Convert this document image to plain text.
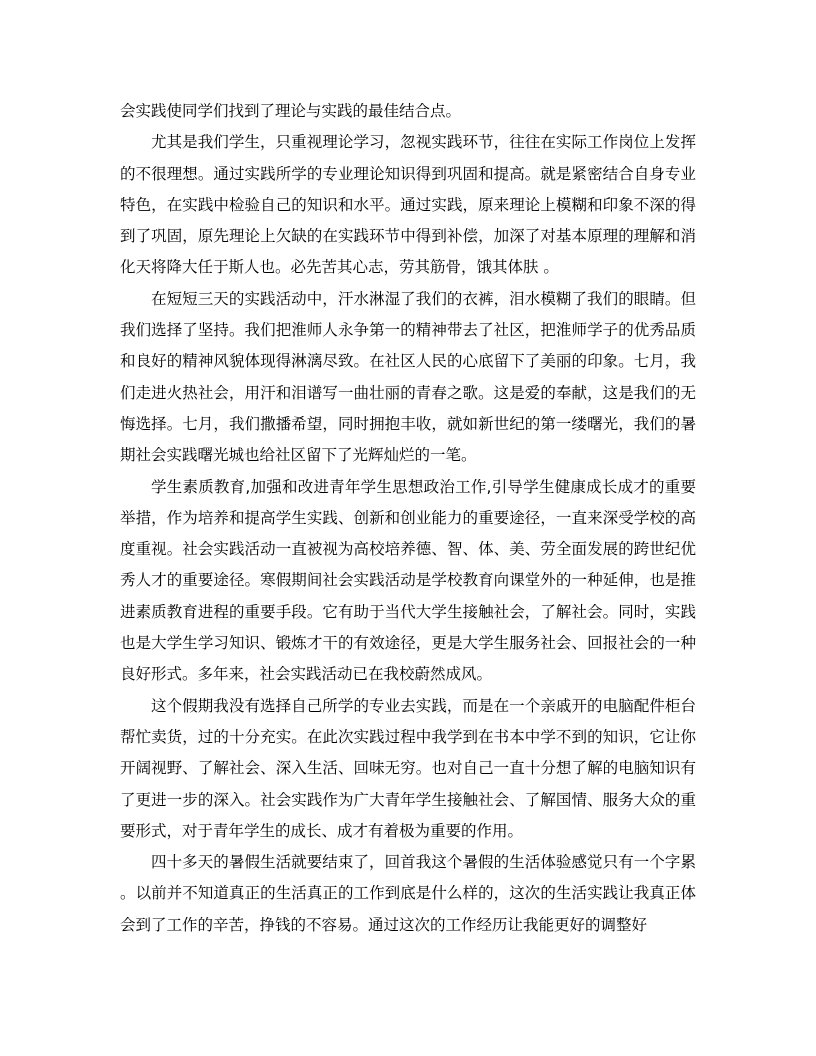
会实践使同学们找到了理论与实践的最佳结合点。

尤其是我们学生，只重视理论学习，忽视实践环节，往往在实际工作岗位上发挥的不很理想。通过实践所学的专业理论知识得到巩固和提高。就是紧密结合自身专业特色，在实践中检验自己的知识和水平。通过实践，原来理论上模糊和印象不深的得到了巩固，原先理论上欠缺的在实践环节中得到补偿，加深了对基本原理的理解和消化天将降大任于斯人也。必先苦其心志，劳其筋骨，饿其体肤 。

在短短三天的实践活动中，汗水淋湿了我们的衣裤，泪水模糊了我们的眼睛。但我们选择了坚持。我们把淮师人永争第一的精神带去了社区，把淮师学子的优秀品质和良好的精神风貌体现得淋漓尽致。在社区人民的心底留下了美丽的印象。七月，我们走进火热社会，用汗和泪谱写一曲壮丽的青春之歌。这是爱的奉献，这是我们的无悔选择。七月，我们撒播希望，同时拥抱丰收，就如新世纪的第一缕曙光，我们的暑期社会实践曙光城也给社区留下了光辉灿烂的一笔。

学生素质教育,加强和改进青年学生思想政治工作,引导学生健康成长成才的重要举措，作为培养和提高学生实践、创新和创业能力的重要途径，一直来深受学校的高度重视。社会实践活动一直被视为高校培养德、智、体、美、劳全面发展的跨世纪优秀人才的重要途径。寒假期间社会实践活动是学校教育向课堂外的一种延伸，也是推进素质教育进程的重要手段。它有助于当代大学生接触社会，了解社会。同时，实践也是大学生学习知识、锻炼才干的有效途径，更是大学生服务社会、回报社会的一种良好形式。多年来，社会实践活动已在我校蔚然成风。

这个假期我没有选择自己所学的专业去实践，而是在一个亲戚开的电脑配件柜台帮忙卖货，过的十分充实。在此次实践过程中我学到在书本中学不到的知识，它让你开阔视野、了解社会、深入生活、回味无穷。也对自己一直十分想了解的电脑知识有了更进一步的深入。社会实践作为广大青年学生接触社会、了解国情、服务大众的重要形式，对于青年学生的成长、成才有着极为重要的作用。

四十多天的暑假生活就要结束了，回首我这个暑假的生活体验感觉只有一个字累 。以前并不知道真正的生活真正的工作到底是什么样的，这次的生活实践让我真正体会到了工作的辛苦，挣钱的不容易。通过这次的工作经历让我能更好的调整好
